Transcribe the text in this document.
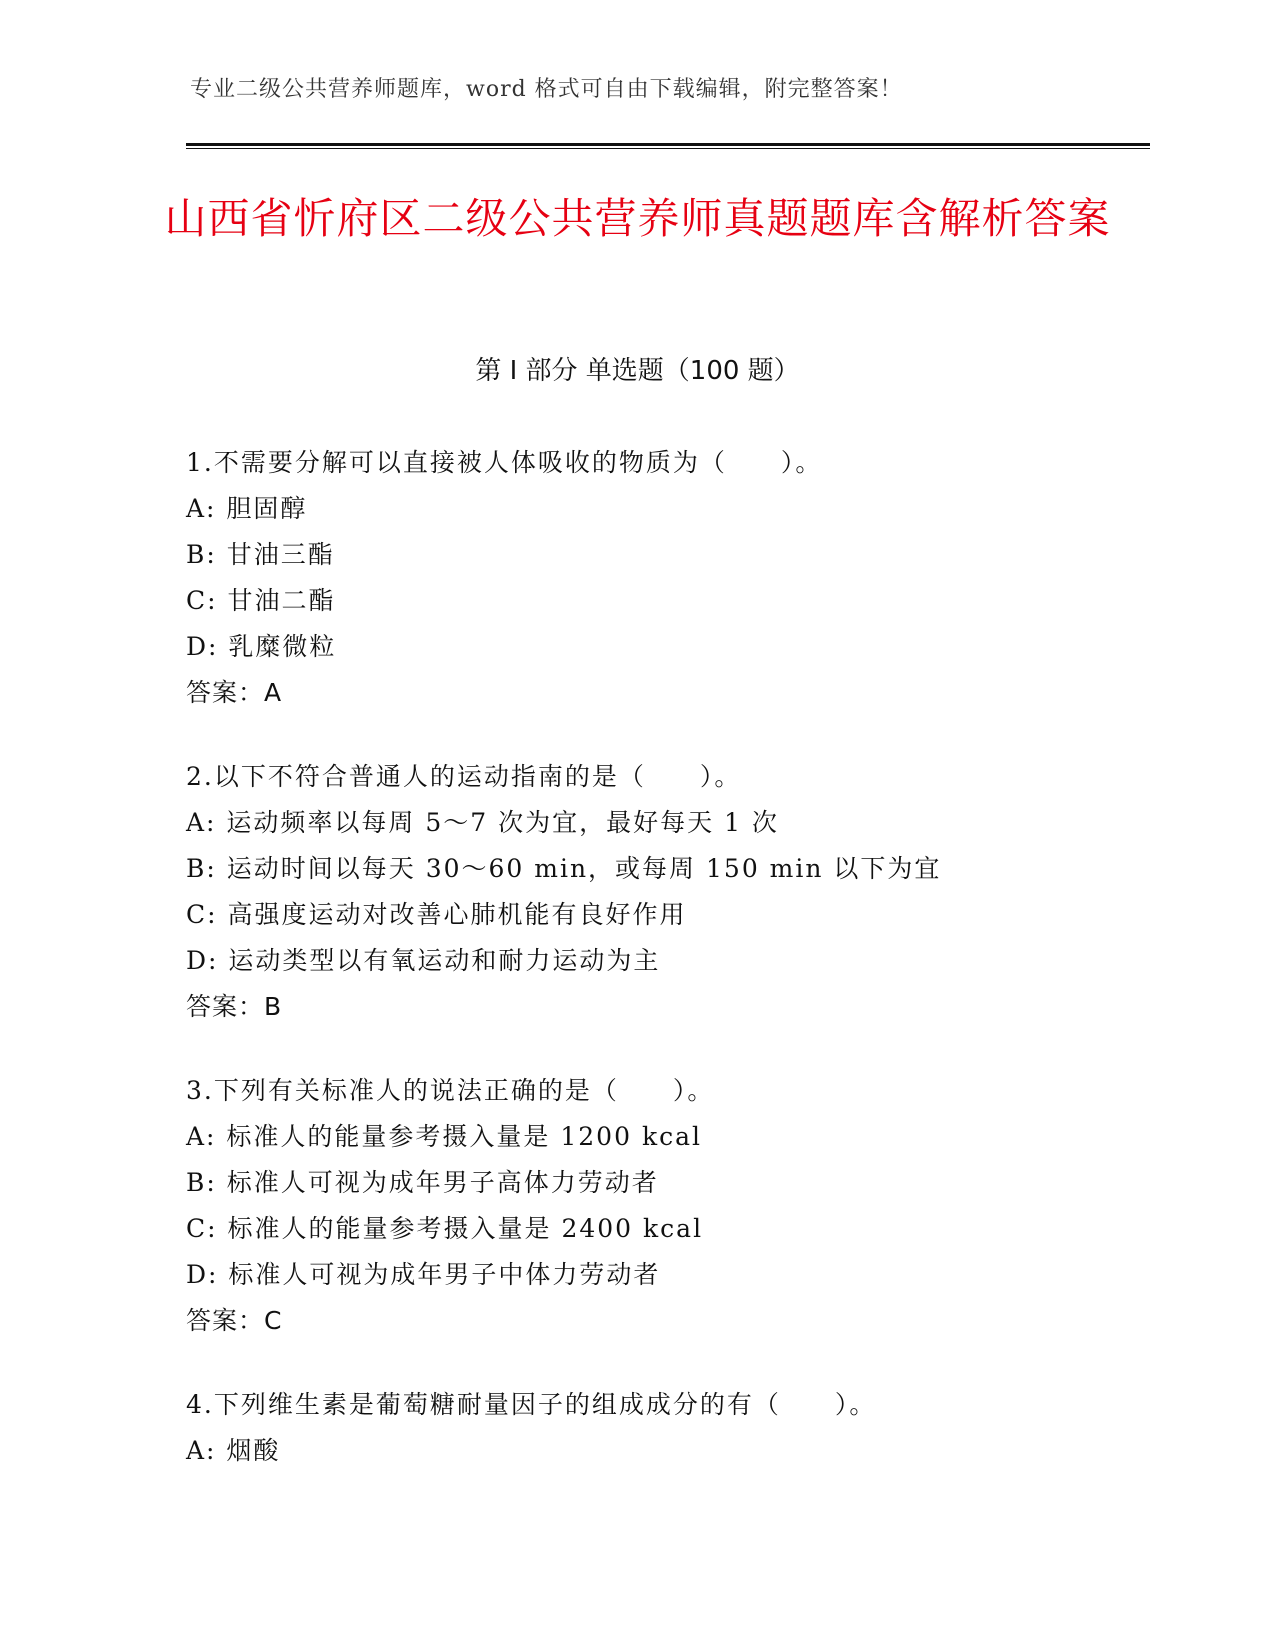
专业二级公共营养师题库，word 格式可自由下载编辑，附完整答案！
山西省忻府区二级公共营养师真题题库含解析答案
第 I 部分 单选题（100 题）
1.不需要分解可以直接被人体吸收的物质为（　　）。
A: 胆固醇
B: 甘油三酯
C: 甘油二酯
D: 乳糜微粒
答案：A
2.以下不符合普通人的运动指南的是（　　）。
A: 运动频率以每周 5～7 次为宜，最好每天 1 次
B: 运动时间以每天 30～60 min，或每周 150 min 以下为宜
C: 高强度运动对改善心肺机能有良好作用
D: 运动类型以有氧运动和耐力运动为主
答案：B
3.下列有关标准人的说法正确的是（　　）。
A: 标准人的能量参考摄入量是 1200 kcal
B: 标准人可视为成年男子高体力劳动者
C: 标准人的能量参考摄入量是 2400 kcal
D: 标准人可视为成年男子中体力劳动者
答案：C
4.下列维生素是葡萄糖耐量因子的组成成分的有（　　）。
A: 烟酸
